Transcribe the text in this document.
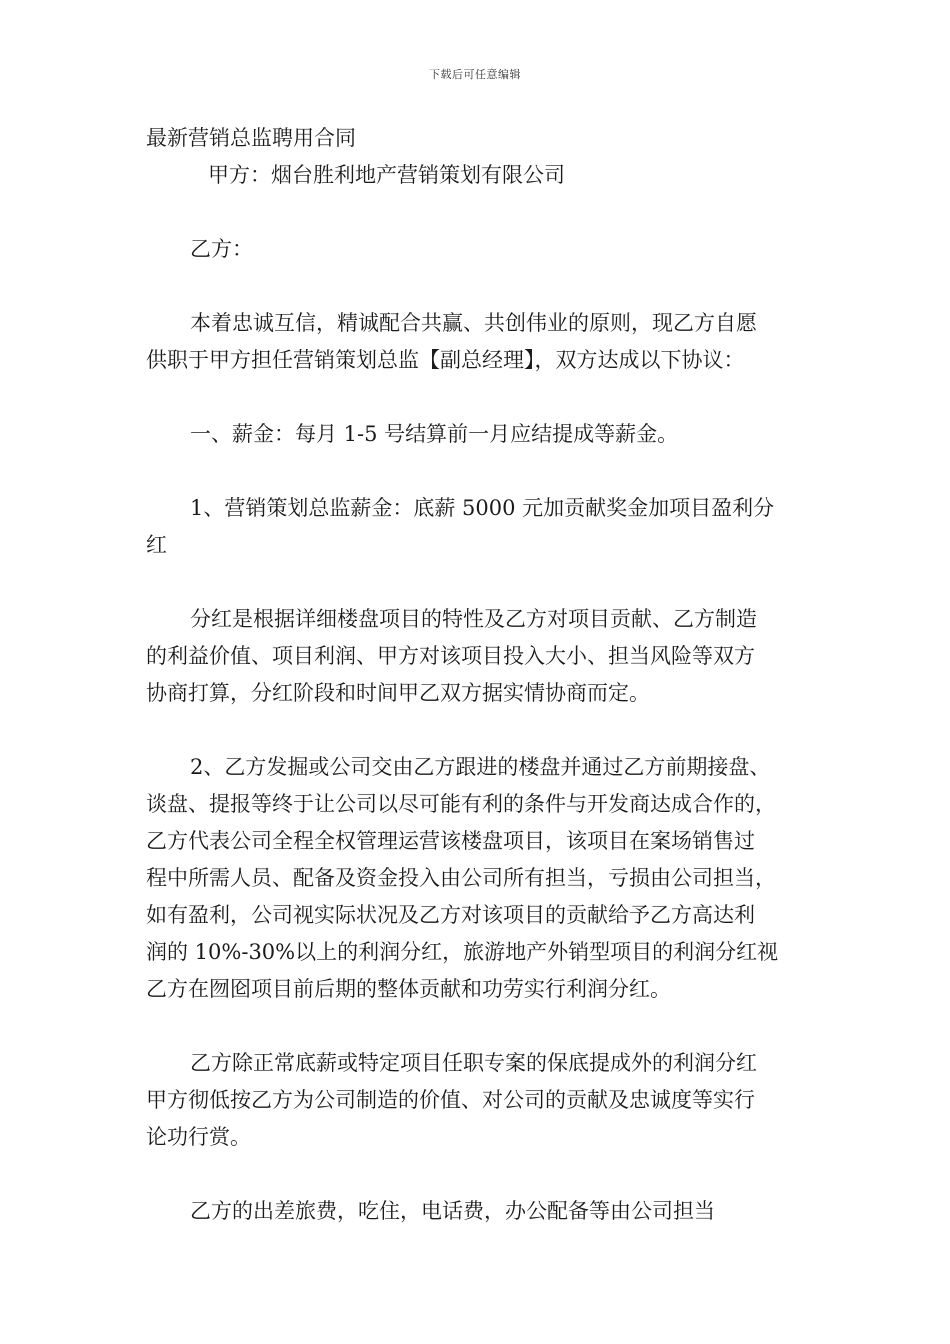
下载后可任意编辑
最新营销总监聘用合同
甲方：烟台胜利地产营销策划有限公司
乙方：
本着忠诚互信，精诚配合共赢、共创伟业的原则，现乙方自愿
供职于甲方担任营销策划总监【副总经理】，双方达成以下协议：
一、薪金：每月 1-5 号结算前一月应结提成等薪金。
1、营销策划总监薪金：底薪 5000 元加贡献奖金加项目盈利分
红
分红是根据详细楼盘项目的特性及乙方对项目贡献、乙方制造
的利益价值、项目利润、甲方对该项目投入大小、担当风险等双方
协商打算，分红阶段和时间甲乙双方据实情协商而定。
2、乙方发掘或公司交由乙方跟进的楼盘并通过乙方前期接盘、
谈盘、提报等终于让公司以尽可能有利的条件与开发商达成合作的，
乙方代表公司全程全权管理运营该楼盘项目，该项目在案场销售过
程中所需人员、配备及资金投入由公司所有担当，亏损由公司担当，
如有盈利，公司视实际状况及乙方对该项目的贡献给予乙方高达利
润的 10%-30%以上的利润分红，旅游地产外销型项目的利润分红视
乙方在囫囵项目前后期的整体贡献和功劳实行利润分红。
乙方除正常底薪或特定项目任职专案的保底提成外的利润分红
甲方彻低按乙方为公司制造的价值、对公司的贡献及忠诚度等实行
论功行赏。
乙方的出差旅费，吃住，电话费，办公配备等由公司担当
